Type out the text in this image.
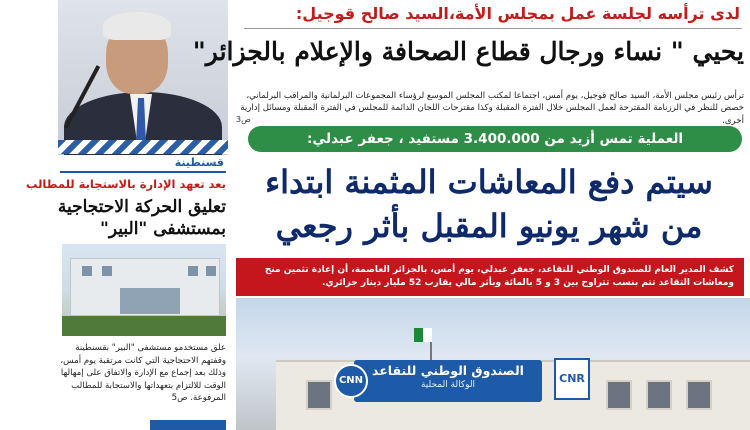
قسنطينة
بعد تعهد الإدارة بالاستجابة للمطالب
تعليق الحركة الاحتجاجية بمستشفى "البير"
علق مستخدمو مستشفى "البير" بقسنطينة وقفتهم الاحتجاجية التي كانت مرتقبة يوم أمس، وذلك بعد إجماع مع الإدارة والاتفاق على إمهالها الوقت للالتزام بتعهداتها والاستجابة للمطالب المرفوعة. ص5
لدى ترأسه لجلسة عمل بمجلس الأمة،السيد صالح قوجيل:
يحيي " نساء ورجال قطاع الصحافة والإعلام بالجزائر"
ترأس رئيس مجلس الأمة، السيد صالح قوجيل، يوم أمس، اجتماعا لمكتب المجلس الموسع لرؤساء المجموعات البرلمانية والمراقب البرلماني، خصص للنظر في الرزنامة المقترحة لعمل المجلس خلال الفترة المقبلة وكذا مقترحات اللجان الدائمة للمجلس في الفترة المقبلة ومسائل إدارية أخرى.
ص3
العملية تمس أزيد من 3.400.000 مستفيد ، جعفر عبدلي:
سيتم دفع المعاشات المثمنة ابتداء
من شهر يونيو المقبل بأثر رجعي
كشف المدير العام للصندوق الوطني للتقاعد، جعفر عبدلي، يوم أمس، بالجزائر العاصمة، أن إعادة تثمين منح ومعاشات التقاعد تتم بنسب تتراوح بين 3 و 5 بالمائة وبأثر مالي يقارب 52 مليار دينار جزائري.
الصندوق الوطني للتقاعد
الوكالة المحلية
CNN	CNR
